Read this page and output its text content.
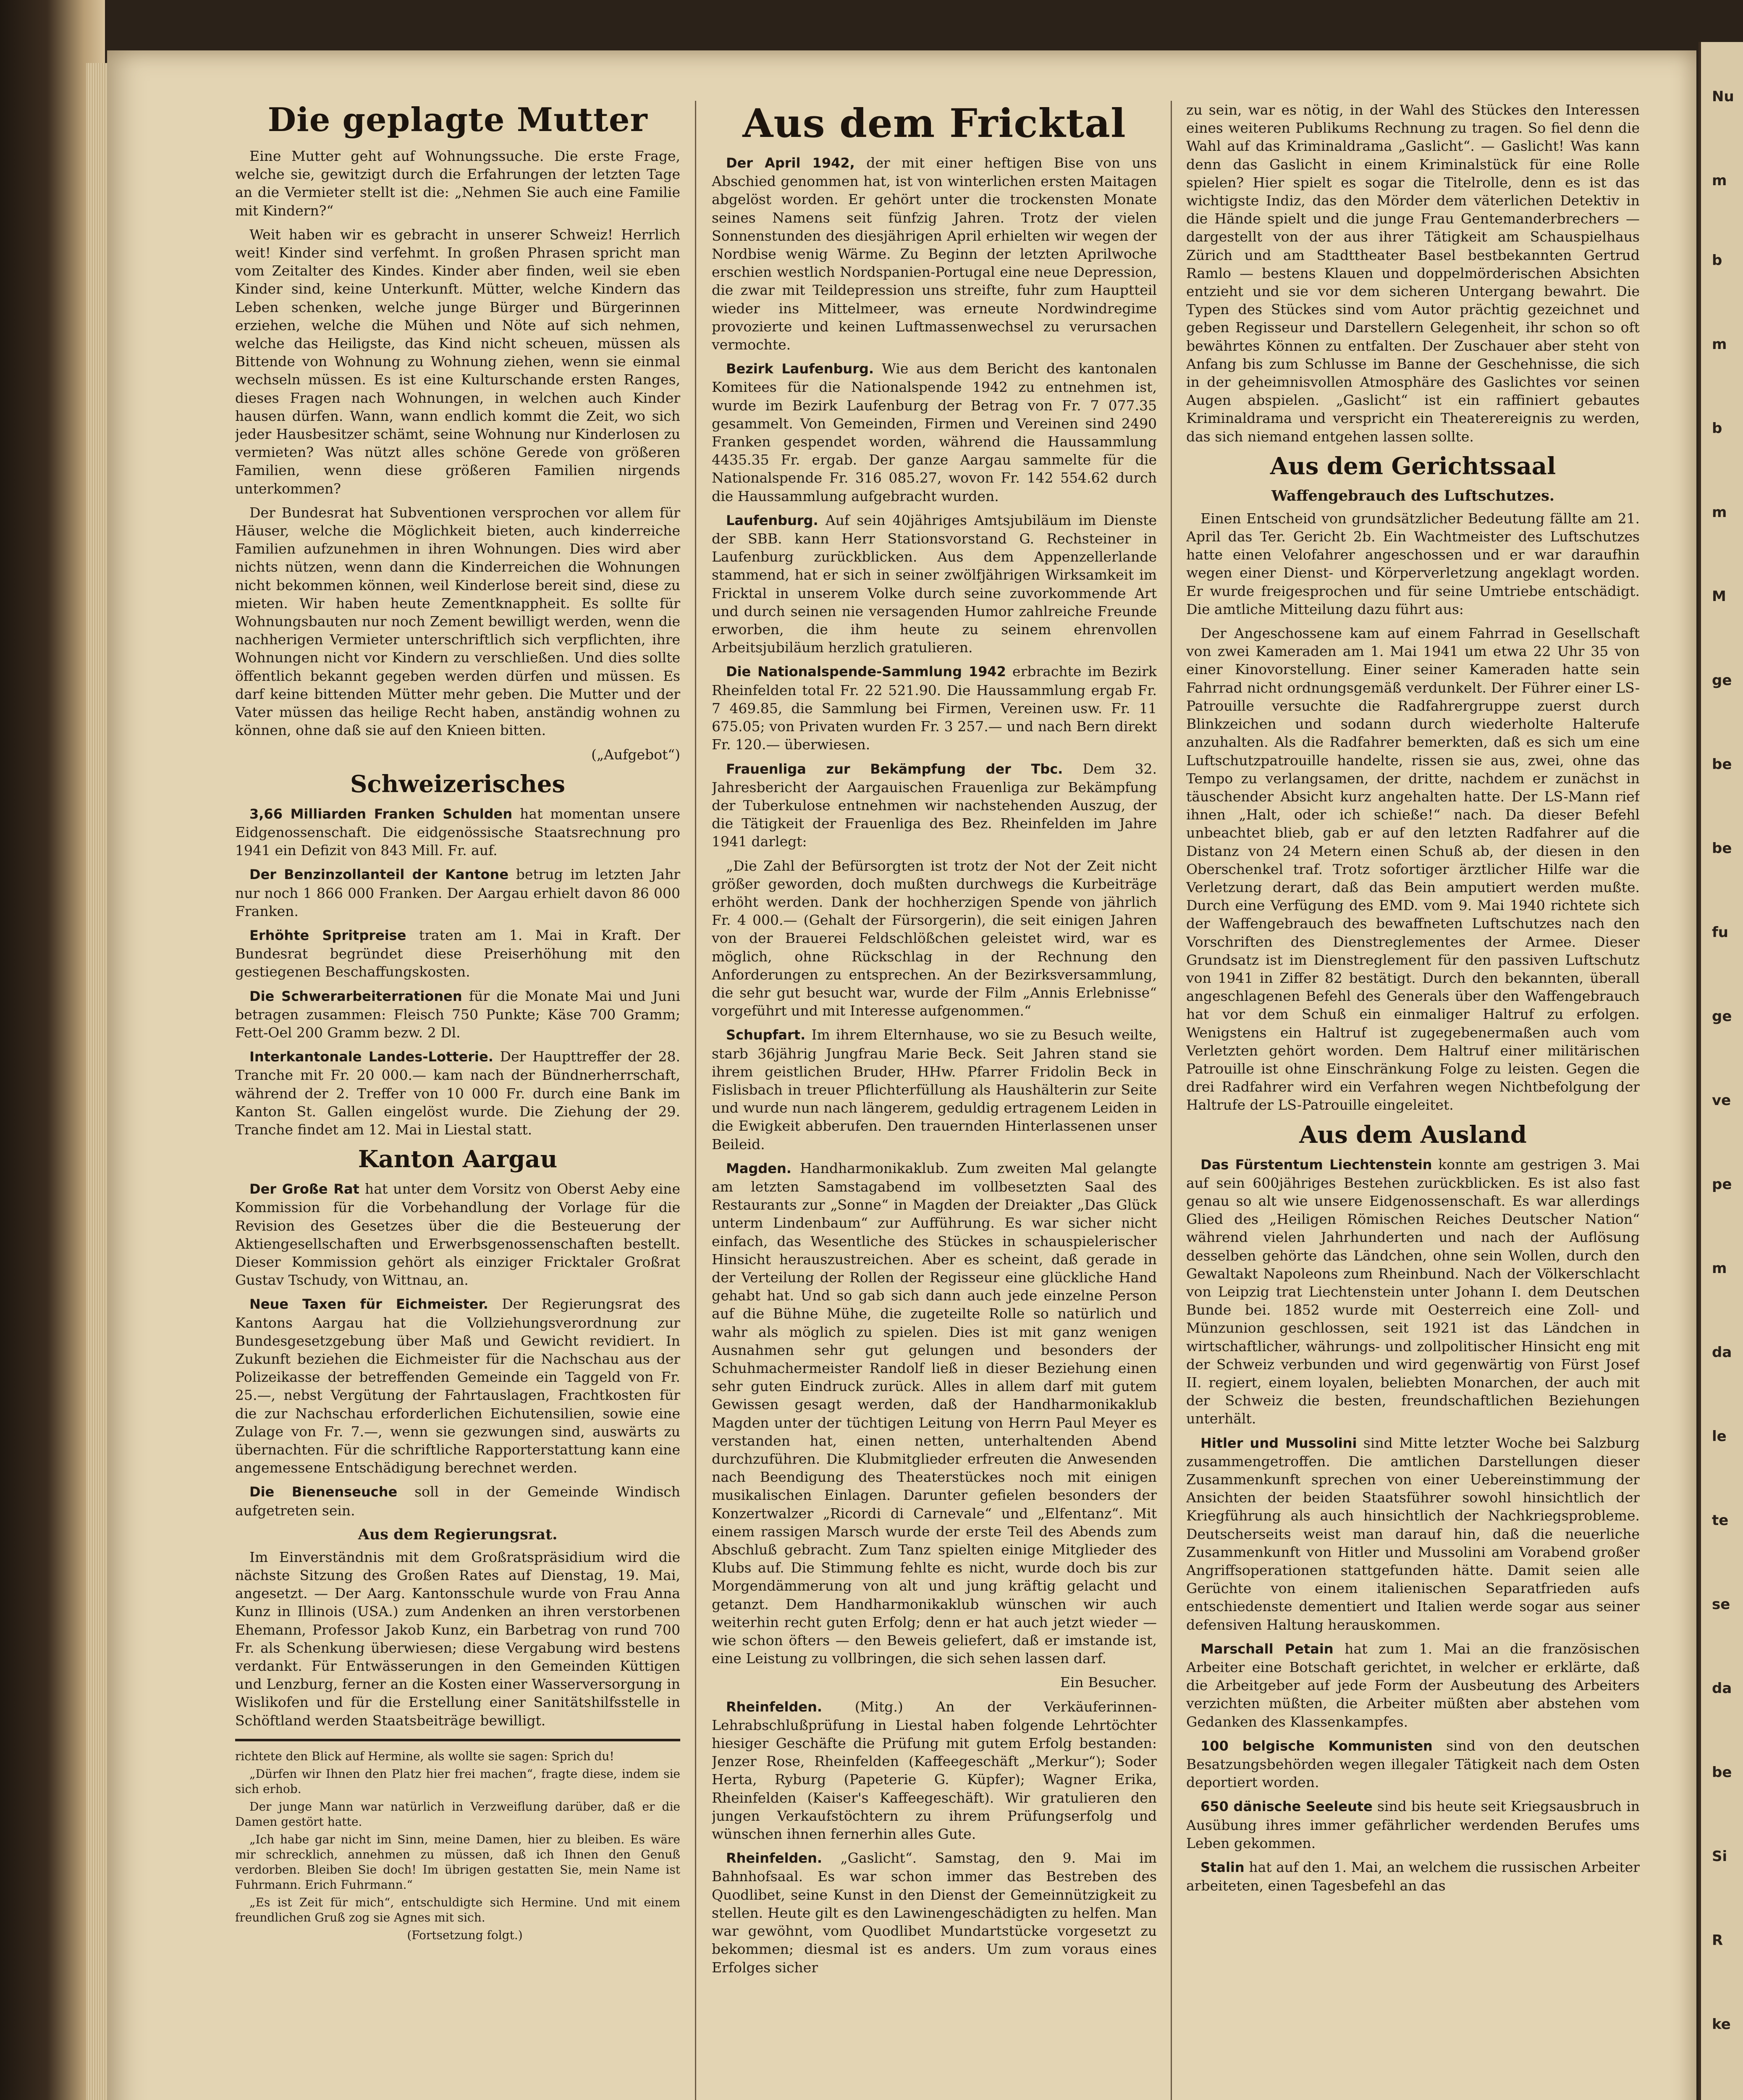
Nu
m
b
m
b
m
M
ge
be
be
fu
ge
ve
pe
m
da
le
te
se
da
be
Si
R
ke
Die geplagte Mutter

Eine Mutter geht auf Wohnungssuche. Die erste Frage, welche sie, gewitzigt durch die Erfahrungen der letzten Tage an die Vermieter stellt ist die: „Nehmen Sie auch eine Familie mit Kindern?“

Weit haben wir es gebracht in unserer Schweiz! Herrlich weit! Kinder sind verfehmt. In großen Phrasen spricht man vom Zeitalter des Kindes. Kinder aber finden, weil sie eben Kinder sind, keine Unterkunft. Mütter, welche Kindern das Leben schenken, welche junge Bürger und Bürgerinnen erziehen, welche die Mühen und Nöte auf sich nehmen, welche das Heiligste, das Kind nicht scheuen, müssen als Bittende von Wohnung zu Wohnung ziehen, wenn sie einmal wechseln müssen. Es ist eine Kulturschande ersten Ranges, dieses Fragen nach Wohnungen, in welchen auch Kinder hausen dürfen. Wann, wann endlich kommt die Zeit, wo sich jeder Hausbesitzer schämt, seine Wohnung nur Kinderlosen zu vermieten? Was nützt alles schöne Gerede von größeren Familien, wenn diese größeren Familien nirgends unterkommen?

Der Bundesrat hat Subventionen versprochen vor allem für Häuser, welche die Möglichkeit bieten, auch kinderreiche Familien aufzunehmen in ihren Wohnungen. Dies wird aber nichts nützen, wenn dann die Kinderreichen die Wohnungen nicht bekommen können, weil Kinderlose bereit sind, diese zu mieten. Wir haben heute Zementknappheit. Es sollte für Wohnungsbauten nur noch Zement bewilligt werden, wenn die nachherigen Vermieter unterschriftlich sich verpflichten, ihre Wohnungen nicht vor Kindern zu verschließen. Und dies sollte öffentlich bekannt gegeben werden dürfen und müssen. Es darf keine bittenden Mütter mehr geben. Die Mutter und der Vater müssen das heilige Recht haben, anständig wohnen zu können, ohne daß sie auf den Knieen bitten.

(„Aufgebot“)

Schweizerisches

3,66 Milliarden Franken Schulden hat momentan unsere Eidgenossenschaft. Die eidgenössische Staatsrechnung pro 1941 ein Defizit von 843 Mill. Fr. auf.

Der Benzinzollanteil der Kantone betrug im letzten Jahr nur noch 1 866 000 Franken. Der Aargau erhielt davon 86 000 Franken.

Erhöhte Spritpreise traten am 1. Mai in Kraft. Der Bundesrat begründet diese Preiserhöhung mit den gestiegenen Beschaffungskosten.

Die Schwerarbeiterrationen für die Monate Mai und Juni betragen zusammen: Fleisch 750 Punkte; Käse 700 Gramm; Fett-Oel 200 Gramm bezw. 2 Dl.

Interkantonale Landes-Lotterie. Der Haupttreffer der 28. Tranche mit Fr. 20 000.— kam nach der Bündnerherrschaft, während der 2. Treffer von 10 000 Fr. durch eine Bank im Kanton St. Gallen eingelöst wurde. Die Ziehung der 29. Tranche findet am 12. Mai in Liestal statt.

Kanton Aargau

Der Große Rat hat unter dem Vorsitz von Oberst Aeby eine Kommission für die Vorbehandlung der Vorlage für die Revision des Gesetzes über die die Besteuerung der Aktiengesellschaften und Erwerbsgenossenschaften bestellt. Dieser Kommission gehört als einziger Fricktaler Großrat Gustav Tschudy, von Wittnau, an.

Neue Taxen für Eichmeister. Der Regierungsrat des Kantons Aargau hat die Vollziehungsverordnung zur Bundesgesetzgebung über Maß und Gewicht revidiert. In Zukunft beziehen die Eichmeister für die Nachschau aus der Polizeikasse der betreffenden Gemeinde ein Taggeld von Fr. 25.—, nebst Vergütung der Fahrtauslagen, Frachtkosten für die zur Nachschau erforderlichen Eichutensilien, sowie eine Zulage von Fr. 7.—, wenn sie gezwungen sind, auswärts zu übernachten. Für die schriftliche Rapporterstattung kann eine angemessene Entschädigung berechnet werden.

Die Bienenseuche soll in der Gemeinde Windisch aufgetreten sein.

Aus dem Regierungsrat.

Im Einverständnis mit dem Großratspräsidium wird die nächste Sitzung des Großen Rates auf Dienstag, 19. Mai, angesetzt. — Der Aarg. Kantonsschule wurde von Frau Anna Kunz in Illinois (USA.) zum Andenken an ihren verstorbenen Ehemann, Professor Jakob Kunz, ein Barbetrag von rund 700 Fr. als Schenkung überwiesen; diese Vergabung wird bestens verdankt. Für Entwässerungen in den Gemeinden Küttigen und Lenzburg, ferner an die Kosten einer Wasserversorgung in Wislikofen und für die Erstellung einer Sanitätshilfsstelle in Schöftland werden Staatsbeiträge bewilligt.

richtete den Blick auf Hermine, als wollte sie sagen: Sprich du!

„Dürfen wir Ihnen den Platz hier frei machen“, fragte diese, indem sie sich erhob.

Der junge Mann war natürlich in Verzweiflung darüber, daß er die Damen gestört hatte.

„Ich habe gar nicht im Sinn, meine Damen, hier zu bleiben. Es wäre mir schrecklich, annehmen zu müssen, daß ich Ihnen den Genuß verdorben. Bleiben Sie doch! Im übrigen gestatten Sie, mein Name ist Fuhrmann. Erich Fuhrmann.“

„Es ist Zeit für mich“, entschuldigte sich Hermine. Und mit einem freundlichen Gruß zog sie Agnes mit sich.

(Fortsetzung folgt.)

Aus dem Fricktal

Der April 1942, der mit einer heftigen Bise von uns Abschied genommen hat, ist von winterlichen ersten Maitagen abgelöst worden. Er gehört unter die trockensten Monate seines Namens seit fünfzig Jahren. Trotz der vielen Sonnenstunden des diesjährigen April erhielten wir wegen der Nordbise wenig Wärme. Zu Beginn der letzten Aprilwoche erschien westlich Nordspanien-Portugal eine neue Depression, die zwar mit Teildepression uns streifte, fuhr zum Hauptteil wieder ins Mittelmeer, was erneute Nordwindregime provozierte und keinen Luftmassenwechsel zu verursachen vermochte.

Bezirk Laufenburg. Wie aus dem Bericht des kantonalen Komitees für die Nationalspende 1942 zu entnehmen ist, wurde im Bezirk Laufenburg der Betrag von Fr. 7 077.35 gesammelt. Von Gemeinden, Firmen und Vereinen sind 2490 Franken gespendet worden, während die Haussammlung 4435.35 Fr. ergab. Der ganze Aargau sammelte für die Nationalspende Fr. 316 085.27, wovon Fr. 142 554.62 durch die Haussammlung aufgebracht wurden.

Laufenburg. Auf sein 40jähriges Amtsjubiläum im Dienste der SBB. kann Herr Stationsvorstand G. Rechsteiner in Laufenburg zurückblicken. Aus dem Appenzellerlande stammend, hat er sich in seiner zwölfjährigen Wirksamkeit im Fricktal in unserem Volke durch seine zuvorkommende Art und durch seinen nie versagenden Humor zahlreiche Freunde erworben, die ihm heute zu seinem ehrenvollen Arbeitsjubiläum herzlich gratulieren.

Die Nationalspende-Sammlung 1942 erbrachte im Bezirk Rheinfelden total Fr. 22 521.90. Die Haussammlung ergab Fr. 7 469.85, die Sammlung bei Firmen, Vereinen usw. Fr. 11 675.05; von Privaten wurden Fr. 3 257.— und nach Bern direkt Fr. 120.— überwiesen.

Frauenliga zur Bekämpfung der Tbc. Dem 32. Jahresbericht der Aargauischen Frauenliga zur Bekämpfung der Tuberkulose entnehmen wir nachstehenden Auszug, der die Tätigkeit der Frauenliga des Bez. Rheinfelden im Jahre 1941 darlegt:

„Die Zahl der Befürsorgten ist trotz der Not der Zeit nicht größer geworden, doch mußten durchwegs die Kurbeiträge erhöht werden. Dank der hochherzigen Spende von jährlich Fr. 4 000.— (Gehalt der Fürsorgerin), die seit einigen Jahren von der Brauerei Feldschlößchen geleistet wird, war es möglich, ohne Rückschlag in der Rechnung den Anforderungen zu entsprechen. An der Bezirksversammlung, die sehr gut besucht war, wurde der Film „Annis Erlebnisse“ vorgeführt und mit Interesse aufgenommen.“

Schupfart. Im ihrem Elternhause, wo sie zu Besuch weilte, starb 36jährig Jungfrau Marie Beck. Seit Jahren stand sie ihrem geistlichen Bruder, HHw. Pfarrer Fridolin Beck in Fislisbach in treuer Pflichterfüllung als Haushälterin zur Seite und wurde nun nach längerem, geduldig ertragenem Leiden in die Ewigkeit abberufen. Den trauernden Hinterlassenen unser Beileid.

Magden. Handharmonikaklub. Zum zweiten Mal gelangte am letzten Samstagabend im vollbesetzten Saal des Restaurants zur „Sonne“ in Magden der Dreiakter „Das Glück unterm Lindenbaum“ zur Aufführung. Es war sicher nicht einfach, das Wesentliche des Stückes in schauspielerischer Hinsicht herauszustreichen. Aber es scheint, daß gerade in der Verteilung der Rollen der Regisseur eine glückliche Hand gehabt hat. Und so gab sich dann auch jede einzelne Person auf die Bühne Mühe, die zugeteilte Rolle so natürlich und wahr als möglich zu spielen. Dies ist mit ganz wenigen Ausnahmen sehr gut gelungen und besonders der Schuhmachermeister Randolf ließ in dieser Beziehung einen sehr guten Eindruck zurück. Alles in allem darf mit gutem Gewissen gesagt werden, daß der Handharmonikaklub Magden unter der tüchtigen Leitung von Herrn Paul Meyer es verstanden hat, einen netten, unterhaltenden Abend durchzuführen. Die Klubmitglieder erfreuten die Anwesenden nach Beendigung des Theaterstückes noch mit einigen musikalischen Einlagen. Darunter gefielen besonders der Konzertwalzer „Ricordi di Carnevale“ und „Elfentanz“. Mit einem rassigen Marsch wurde der erste Teil des Abends zum Abschluß gebracht. Zum Tanz spielten einige Mitglieder des Klubs auf. Die Stimmung fehlte es nicht, wurde doch bis zur Morgendämmerung von alt und jung kräftig gelacht und getanzt. Dem Handharmonikaklub wünschen wir auch weiterhin recht guten Erfolg; denn er hat auch jetzt wieder — wie schon öfters — den Beweis geliefert, daß er imstande ist, eine Leistung zu vollbringen, die sich sehen lassen darf.

Ein Besucher.

Rheinfelden. (Mitg.) An der Verkäuferinnen-Lehrabschlußprüfung in Liestal haben folgende Lehrtöchter hiesiger Geschäfte die Prüfung mit gutem Erfolg bestanden: Jenzer Rose, Rheinfelden (Kaffeegeschäft „Merkur“); Soder Herta, Ryburg (Papeterie G. Küpfer); Wagner Erika, Rheinfelden (Kaiser's Kaffeegeschäft). Wir gratulieren den jungen Verkaufstöchtern zu ihrem Prüfungserfolg und wünschen ihnen fernerhin alles Gute.

Rheinfelden. „Gaslicht“. Samstag, den 9. Mai im Bahnhofsaal. Es war schon immer das Bestreben des Quodlibet, seine Kunst in den Dienst der Gemeinnützigkeit zu stellen. Heute gilt es den Lawinengeschädigten zu helfen. Man war gewöhnt, vom Quodlibet Mundartstücke vorgesetzt zu bekommen; diesmal ist es anders. Um zum voraus eines Erfolges sicher

zu sein, war es nötig, in der Wahl des Stückes den Interessen eines weiteren Publikums Rechnung zu tragen. So fiel denn die Wahl auf das Kriminaldrama „Gaslicht“. — Gaslicht! Was kann denn das Gaslicht in einem Kriminalstück für eine Rolle spielen? Hier spielt es sogar die Titelrolle, denn es ist das wichtigste Indiz, das den Mörder dem väterlichen Detektiv in die Hände spielt und die junge Frau Gentemanderbrechers — dargestellt von der aus ihrer Tätigkeit am Schauspielhaus Zürich und am Stadttheater Basel bestbekannten Gertrud Ramlo — bestens Klauen und doppelmörderischen Absichten entzieht und sie vor dem sicheren Untergang bewahrt. Die Typen des Stückes sind vom Autor prächtig gezeichnet und geben Regisseur und Darstellern Gelegenheit, ihr schon so oft bewährtes Können zu entfalten. Der Zuschauer aber steht von Anfang bis zum Schlusse im Banne der Geschehnisse, die sich in der geheimnisvollen Atmosphäre des Gaslichtes vor seinen Augen abspielen. „Gaslicht“ ist ein raffiniert gebautes Kriminaldrama und verspricht ein Theaterereignis zu werden, das sich niemand entgehen lassen sollte.

Aus dem Gerichtssaal
Waffengebrauch des Luftschutzes.

Einen Entscheid von grundsätzlicher Bedeutung fällte am 21. April das Ter. Gericht 2b. Ein Wachtmeister des Luftschutzes hatte einen Velofahrer angeschossen und er war daraufhin wegen einer Dienst- und Körperverletzung angeklagt worden. Er wurde freigesprochen und für seine Umtriebe entschädigt. Die amtliche Mitteilung dazu führt aus:

Der Angeschossene kam auf einem Fahrrad in Gesellschaft von zwei Kameraden am 1. Mai 1941 um etwa 22 Uhr 35 von einer Kinovorstellung. Einer seiner Kameraden hatte sein Fahrrad nicht ordnungsgemäß verdunkelt. Der Führer einer LS-Patrouille versuchte die Radfahrergruppe zuerst durch Blinkzeichen und sodann durch wiederholte Halterufe anzuhalten. Als die Radfahrer bemerkten, daß es sich um eine Luftschutzpatrouille handelte, rissen sie aus, zwei, ohne das Tempo zu verlangsamen, der dritte, nachdem er zunächst in täuschender Absicht kurz angehalten hatte. Der LS-Mann rief ihnen „Halt, oder ich schieße!“ nach. Da dieser Befehl unbeachtet blieb, gab er auf den letzten Radfahrer auf die Distanz von 24 Metern einen Schuß ab, der diesen in den Oberschenkel traf. Trotz sofortiger ärztlicher Hilfe war die Verletzung derart, daß das Bein amputiert werden mußte. Durch eine Verfügung des EMD. vom 9. Mai 1940 richtete sich der Waffengebrauch des bewaffneten Luftschutzes nach den Vorschriften des Dienstreglementes der Armee. Dieser Grundsatz ist im Dienstreglement für den passiven Luftschutz von 1941 in Ziffer 82 bestätigt. Durch den bekannten, überall angeschlagenen Befehl des Generals über den Waffengebrauch hat vor dem Schuß ein einmaliger Haltruf zu erfolgen. Wenigstens ein Haltruf ist zugegebenermaßen auch vom Verletzten gehört worden. Dem Haltruf einer militärischen Patrouille ist ohne Einschränkung Folge zu leisten. Gegen die drei Radfahrer wird ein Verfahren wegen Nichtbefolgung der Haltrufe der LS-Patrouille eingeleitet.

Aus dem Ausland

Das Fürstentum Liechtenstein konnte am gestrigen 3. Mai auf sein 600jähriges Bestehen zurückblicken. Es ist also fast genau so alt wie unsere Eidgenossenschaft. Es war allerdings Glied des „Heiligen Römischen Reiches Deutscher Nation“ während vielen Jahrhunderten und nach der Auflösung desselben gehörte das Ländchen, ohne sein Wollen, durch den Gewaltakt Napoleons zum Rheinbund. Nach der Völkerschlacht von Leipzig trat Liechtenstein unter Johann I. dem Deutschen Bunde bei. 1852 wurde mit Oesterreich eine Zoll- und Münzunion geschlossen, seit 1921 ist das Ländchen in wirtschaftlicher, währungs- und zollpolitischer Hinsicht eng mit der Schweiz verbunden und wird gegenwärtig von Fürst Josef II. regiert, einem loyalen, beliebten Monarchen, der auch mit der Schweiz die besten, freundschaftlichen Beziehungen unterhält.

Hitler und Mussolini sind Mitte letzter Woche bei Salzburg zusammengetroffen. Die amtlichen Darstellungen dieser Zusammenkunft sprechen von einer Uebereinstimmung der Ansichten der beiden Staatsführer sowohl hinsichtlich der Kriegführung als auch hinsichtlich der Nachkriegsprobleme. Deutscherseits weist man darauf hin, daß die neuerliche Zusammenkunft von Hitler und Mussolini am Vorabend großer Angriffsoperationen stattgefunden hätte. Damit seien alle Gerüchte von einem italienischen Separatfrieden aufs entschiedenste dementiert und Italien werde sogar aus seiner defensiven Haltung herauskommen.

Marschall Petain hat zum 1. Mai an die französischen Arbeiter eine Botschaft gerichtet, in welcher er erklärte, daß die Arbeitgeber auf jede Form der Ausbeutung des Arbeiters verzichten müßten, die Arbeiter müßten aber abstehen vom Gedanken des Klassenkampfes.

100 belgische Kommunisten sind von den deutschen Besatzungsbehörden wegen illegaler Tätigkeit nach dem Osten deportiert worden.

650 dänische Seeleute sind bis heute seit Kriegsausbruch in Ausübung ihres immer gefährlicher werdenden Berufes ums Leben gekommen.

Stalin hat auf den 1. Mai, an welchem die russischen Arbeiter arbeiteten, einen Tagesbefehl an das
